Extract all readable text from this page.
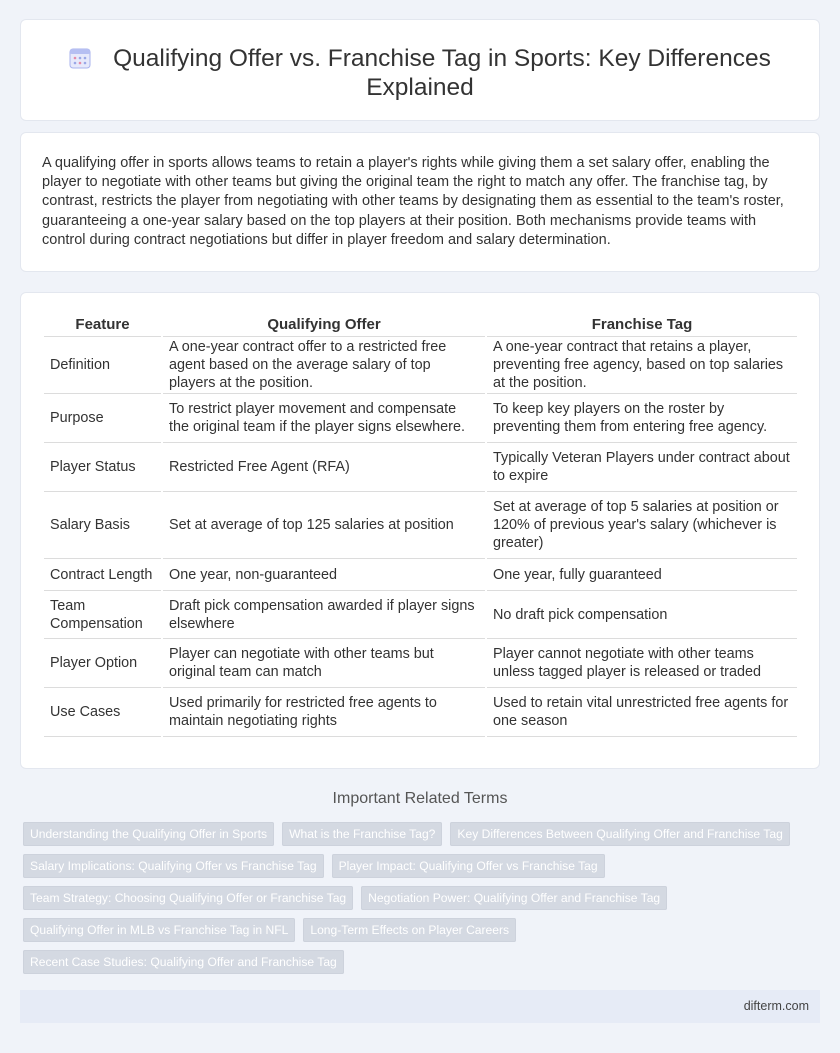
Qualifying Offer vs. Franchise Tag in Sports: Key Differences Explained

A qualifying offer in sports allows teams to retain a player's rights while giving them a set salary offer, enabling the player to negotiate with other teams but giving the original team the right to match any offer. The franchise tag, by contrast, restricts the player from negotiating with other teams by designating them as essential to the team's roster, guaranteeing a one-year salary based on the top players at their position. Both mechanisms provide teams with control during contract negotiations but differ in player freedom and salary determination.

Feature	Qualifying Offer	Franchise Tag
Definition	A one-year contract offer to a restricted free agent based on the average salary of top players at the position.	A one-year contract that retains a player, preventing free agency, based on top salaries at the position.
Purpose	To restrict player movement and compensate the original team if the player signs elsewhere.	To keep key players on the roster by preventing them from entering free agency.
Player Status	Restricted Free Agent (RFA)	Typically Veteran Players under contract about to expire
Salary Basis	Set at average of top 125 salaries at position	Set at average of top 5 salaries at position or 120% of previous year's salary (whichever is greater)
Contract Length	One year, non-guaranteed	One year, fully guaranteed
Team Compensation	Draft pick compensation awarded if player signs elsewhere	No draft pick compensation
Player Option	Player can negotiate with other teams but original team can match	Player cannot negotiate with other teams unless tagged player is released or traded
Use Cases	Used primarily for restricted free agents to maintain negotiating rights	Used to retain vital unrestricted free agents for one season
Important Related Terms
Understanding the Qualifying Offer in Sports	What is the Franchise Tag?	Key Differences Between Qualifying Offer and Franchise Tag
Salary Implications: Qualifying Offer vs Franchise Tag	Player Impact: Qualifying Offer vs Franchise Tag
Team Strategy: Choosing Qualifying Offer or Franchise Tag	Negotiation Power: Qualifying Offer and Franchise Tag
Qualifying Offer in MLB vs Franchise Tag in NFL	Long-Term Effects on Player Careers
Recent Case Studies: Qualifying Offer and Franchise Tag
difterm.com
